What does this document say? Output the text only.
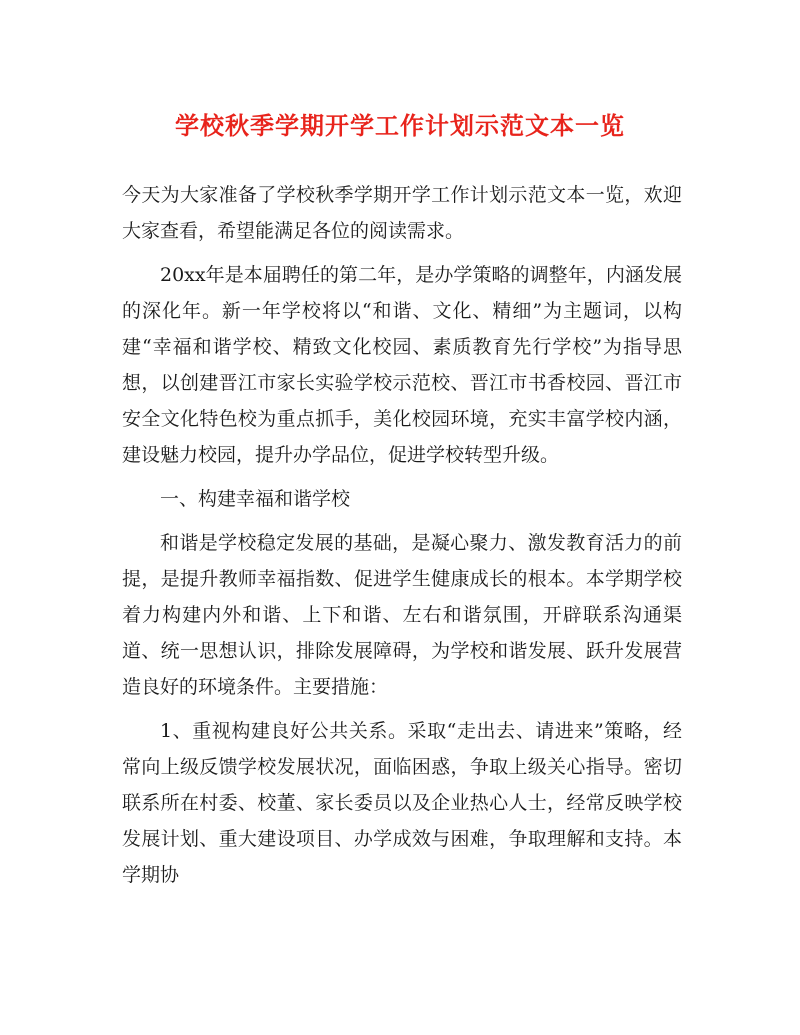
学校秋季学期开学工作计划示范文本一览

今天为大家准备了学校秋季学期开学工作计划示范文本一览，欢迎大家查看，希望能满足各位的阅读需求。

20xx年是本届聘任的第二年，是办学策略的调整年，内涵发展的深化年。新一年学校将以“和谐、文化、精细”为主题词，以构建“幸福和谐学校、精致文化校园、素质教育先行学校”为指导思想，以创建晋江市家长实验学校示范校、晋江市书香校园、晋江市安全文化特色校为重点抓手，美化校园环境，充实丰富学校内涵，建设魅力校园，提升办学品位，促进学校转型升级。

一、构建幸福和谐学校

和谐是学校稳定发展的基础，是凝心聚力、激发教育活力的前提，是提升教师幸福指数、促进学生健康成长的根本。本学期学校着力构建内外和谐、上下和谐、左右和谐氛围，开辟联系沟通渠道、统一思想认识，排除发展障碍，为学校和谐发展、跃升发展营造良好的环境条件。主要措施：

1、重视构建良好公共关系。采取“走出去、请进来”策略，经常向上级反馈学校发展状况，面临困惑，争取上级关心指导。密切联系所在村委、校董、家长委员以及企业热心人士，经常反映学校发展计划、重大建设项目、办学成效与困难，争取理解和支持。本学期协
